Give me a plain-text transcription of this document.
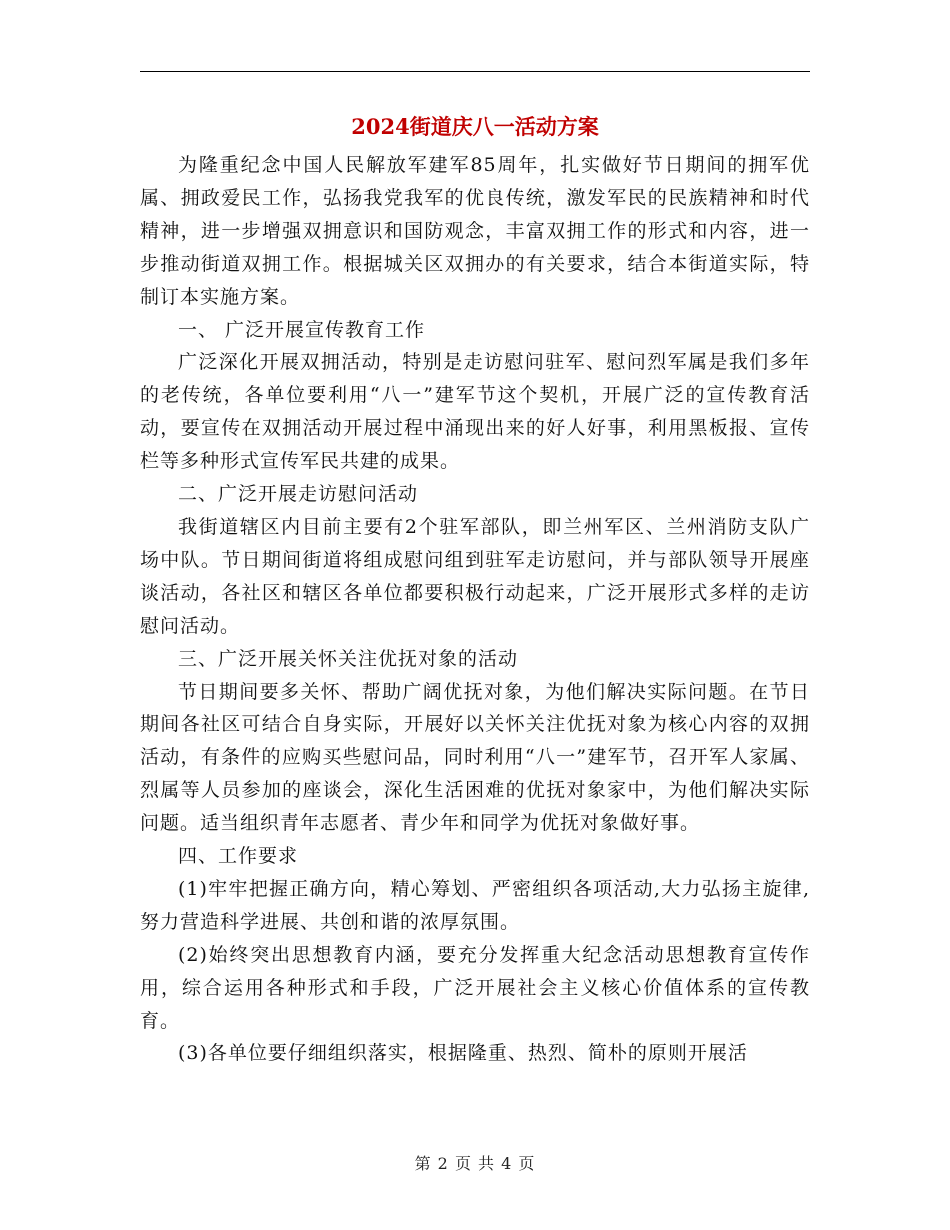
2024街道庆八一活动方案

为隆重纪念中国人民解放军建军85周年，扎实做好节日期间的拥军优属、拥政爱民工作，弘扬我党我军的优良传统，激发军民的民族精神和时代精神，进一步增强双拥意识和国防观念，丰富双拥工作的形式和内容，进一步推动街道双拥工作。根据城关区双拥办的有关要求，结合本街道实际，特制订本实施方案。

一、 广泛开展宣传教育工作

广泛深化开展双拥活动，特别是走访慰问驻军、慰问烈军属是我们多年的老传统，各单位要利用“八一”建军节这个契机，开展广泛的宣传教育活动，要宣传在双拥活动开展过程中涌现出来的好人好事，利用黑板报、宣传栏等多种形式宣传军民共建的成果。

二、广泛开展走访慰问活动

我街道辖区内目前主要有2个驻军部队，即兰州军区、兰州消防支队广场中队。节日期间街道将组成慰问组到驻军走访慰问，并与部队领导开展座谈活动，各社区和辖区各单位都要积极行动起来，广泛开展形式多样的走访慰问活动。

三、广泛开展关怀关注优抚对象的活动

节日期间要多关怀、帮助广阔优抚对象，为他们解决实际问题。在节日期间各社区可结合自身实际，开展好以关怀关注优抚对象为核心内容的双拥活动，有条件的应购买些慰问品，同时利用“八一”建军节，召开军人家属、烈属等人员参加的座谈会，深化生活困难的优抚对象家中，为他们解决实际问题。适当组织青年志愿者、青少年和同学为优抚对象做好事。

四、工作要求

(1)牢牢把握正确方向，精心筹划、严密组织各项活动,大力弘扬主旋律,努力营造科学进展、共创和谐的浓厚氛围。

(2)始终突出思想教育内涵，要充分发挥重大纪念活动思想教育宣传作用，综合运用各种形式和手段，广泛开展社会主义核心价值体系的宣传教育。

(3)各单位要仔细组织落实，根据隆重、热烈、简朴的原则开展活

第 2 页 共 4 页
